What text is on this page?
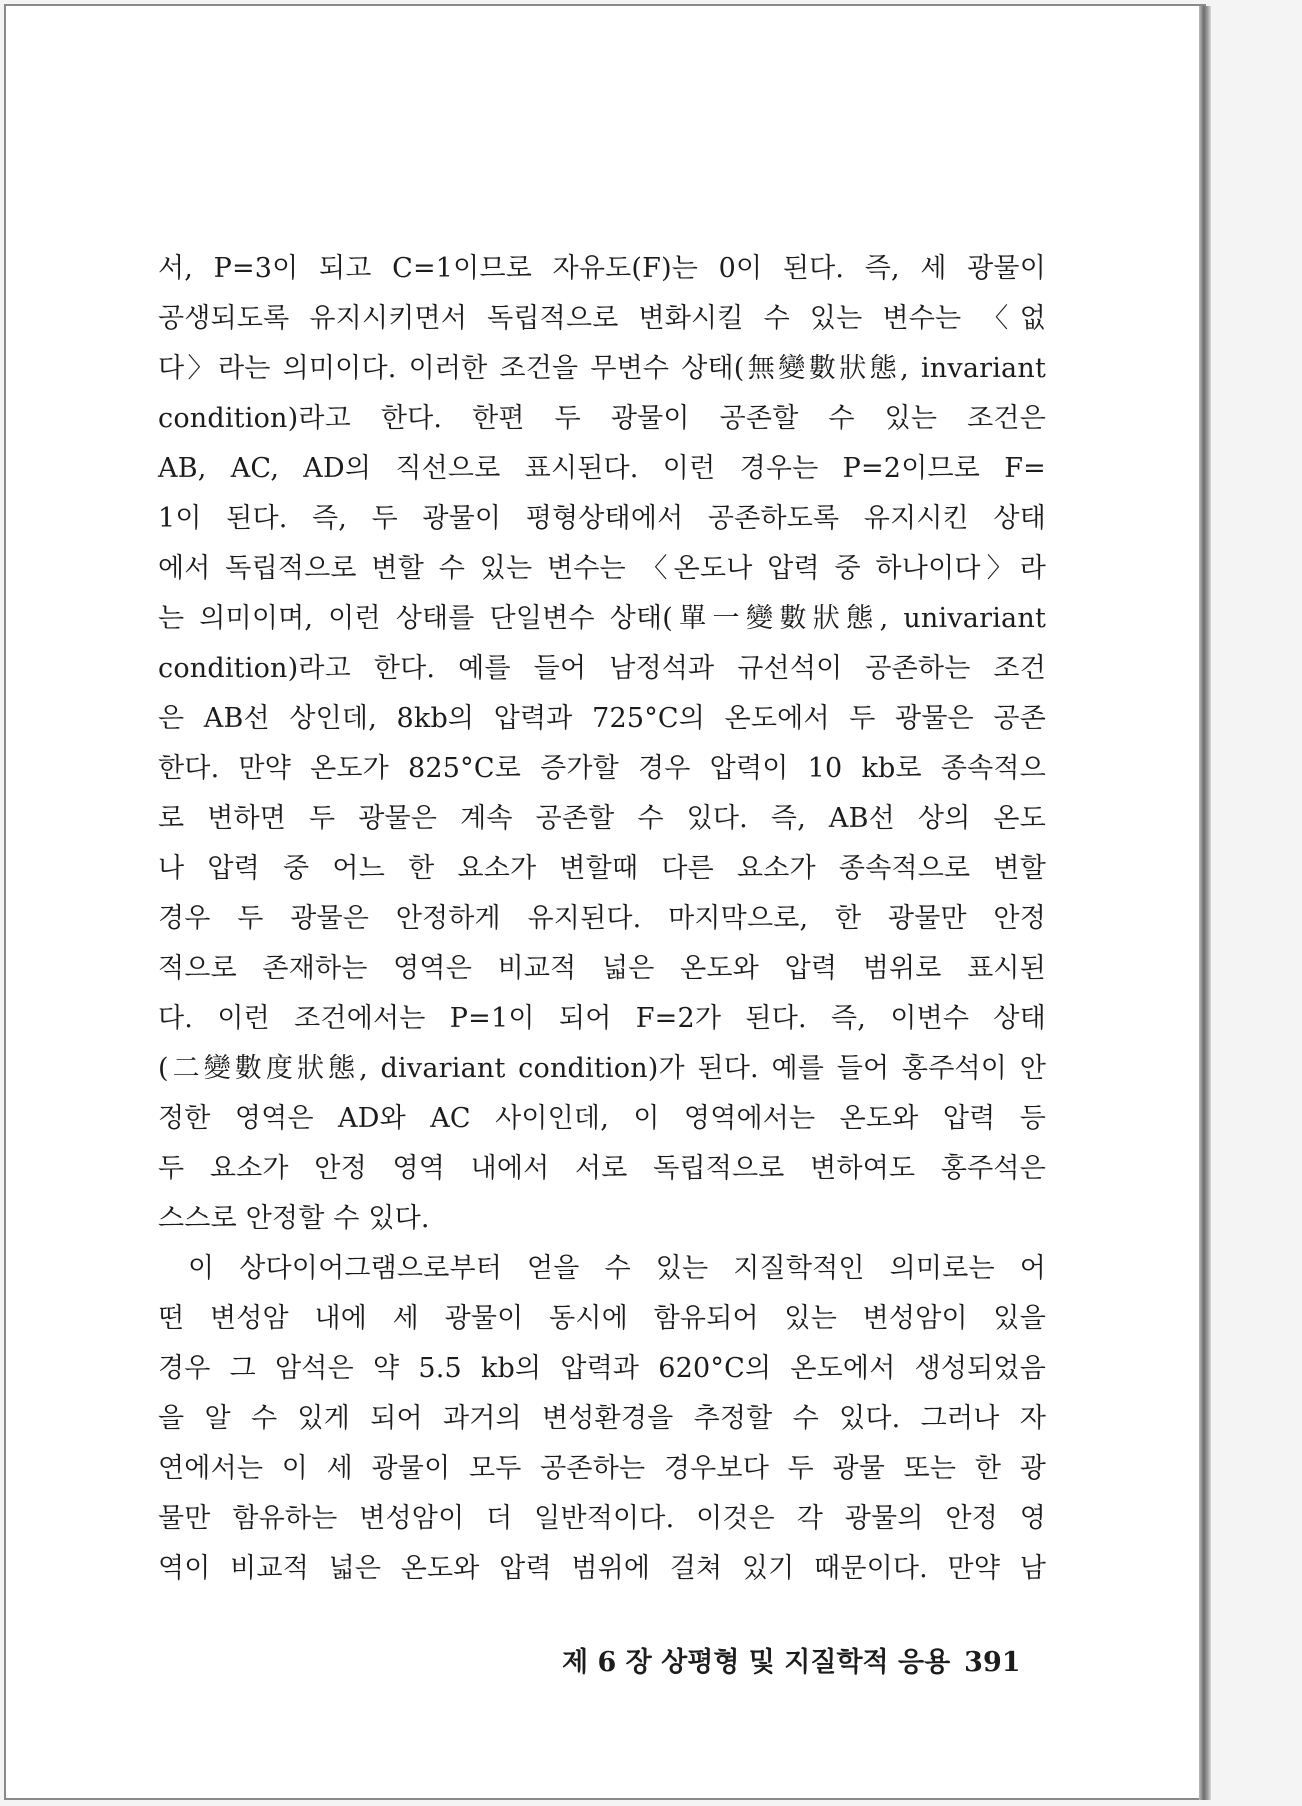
서, P=3이 되고 C=1이므로 자유도(F)는 0이 된다. 즉, 세 광물이
공생되도록 유지시키면서 독립적으로 변화시킬 수 있는 변수는 〈없
다〉라는 의미이다. 이러한 조건을 무변수 상태(無變數狀態, invariant
condition)라고 한다. 한편 두 광물이 공존할 수 있는 조건은
AB, AC, AD의 직선으로 표시된다. 이런 경우는 P=2이므로 F=
1이 된다. 즉, 두 광물이 평형상태에서 공존하도록 유지시킨 상태
에서 독립적으로 변할 수 있는 변수는 〈온도나 압력 중 하나이다〉라
는 의미이며, 이런 상태를 단일변수 상태(單一變數狀態, univariant
condition)라고 한다. 예를 들어 남정석과 규선석이 공존하는 조건
은 AB선 상인데, 8kb의 압력과 725°C의 온도에서 두 광물은 공존
한다. 만약 온도가 825°C로 증가할 경우 압력이 10 kb로 종속적으
로 변하면 두 광물은 계속 공존할 수 있다. 즉, AB선 상의 온도
나 압력 중 어느 한 요소가 변할때 다른 요소가 종속적으로 변할
경우 두 광물은 안정하게 유지된다. 마지막으로, 한 광물만 안정
적으로 존재하는 영역은 비교적 넓은 온도와 압력 범위로 표시된
다. 이런 조건에서는 P=1이 되어 F=2가 된다. 즉, 이변수 상태
(二變數度狀態, divariant condition)가 된다. 예를 들어 홍주석이 안
정한 영역은 AD와 AC 사이인데, 이 영역에서는 온도와 압력 등
두 요소가 안정 영역 내에서 서로 독립적으로 변하여도 홍주석은
스스로 안정할 수 있다.
이 상다이어그램으로부터 얻을 수 있는 지질학적인 의미로는 어
떤 변성암 내에 세 광물이 동시에 함유되어 있는 변성암이 있을
경우 그 암석은 약 5.5 kb의 압력과 620°C의 온도에서 생성되었음
을 알 수 있게 되어 과거의 변성환경을 추정할 수 있다. 그러나 자
연에서는 이 세 광물이 모두 공존하는 경우보다 두 광물 또는 한 광
물만 함유하는 변성암이 더 일반적이다. 이것은 각 광물의 안정 영
역이 비교적 넓은 온도와 압력 범위에 걸쳐 있기 때문이다. 만약 남
제 6 장 상평형 및 지질학적 응용 391
